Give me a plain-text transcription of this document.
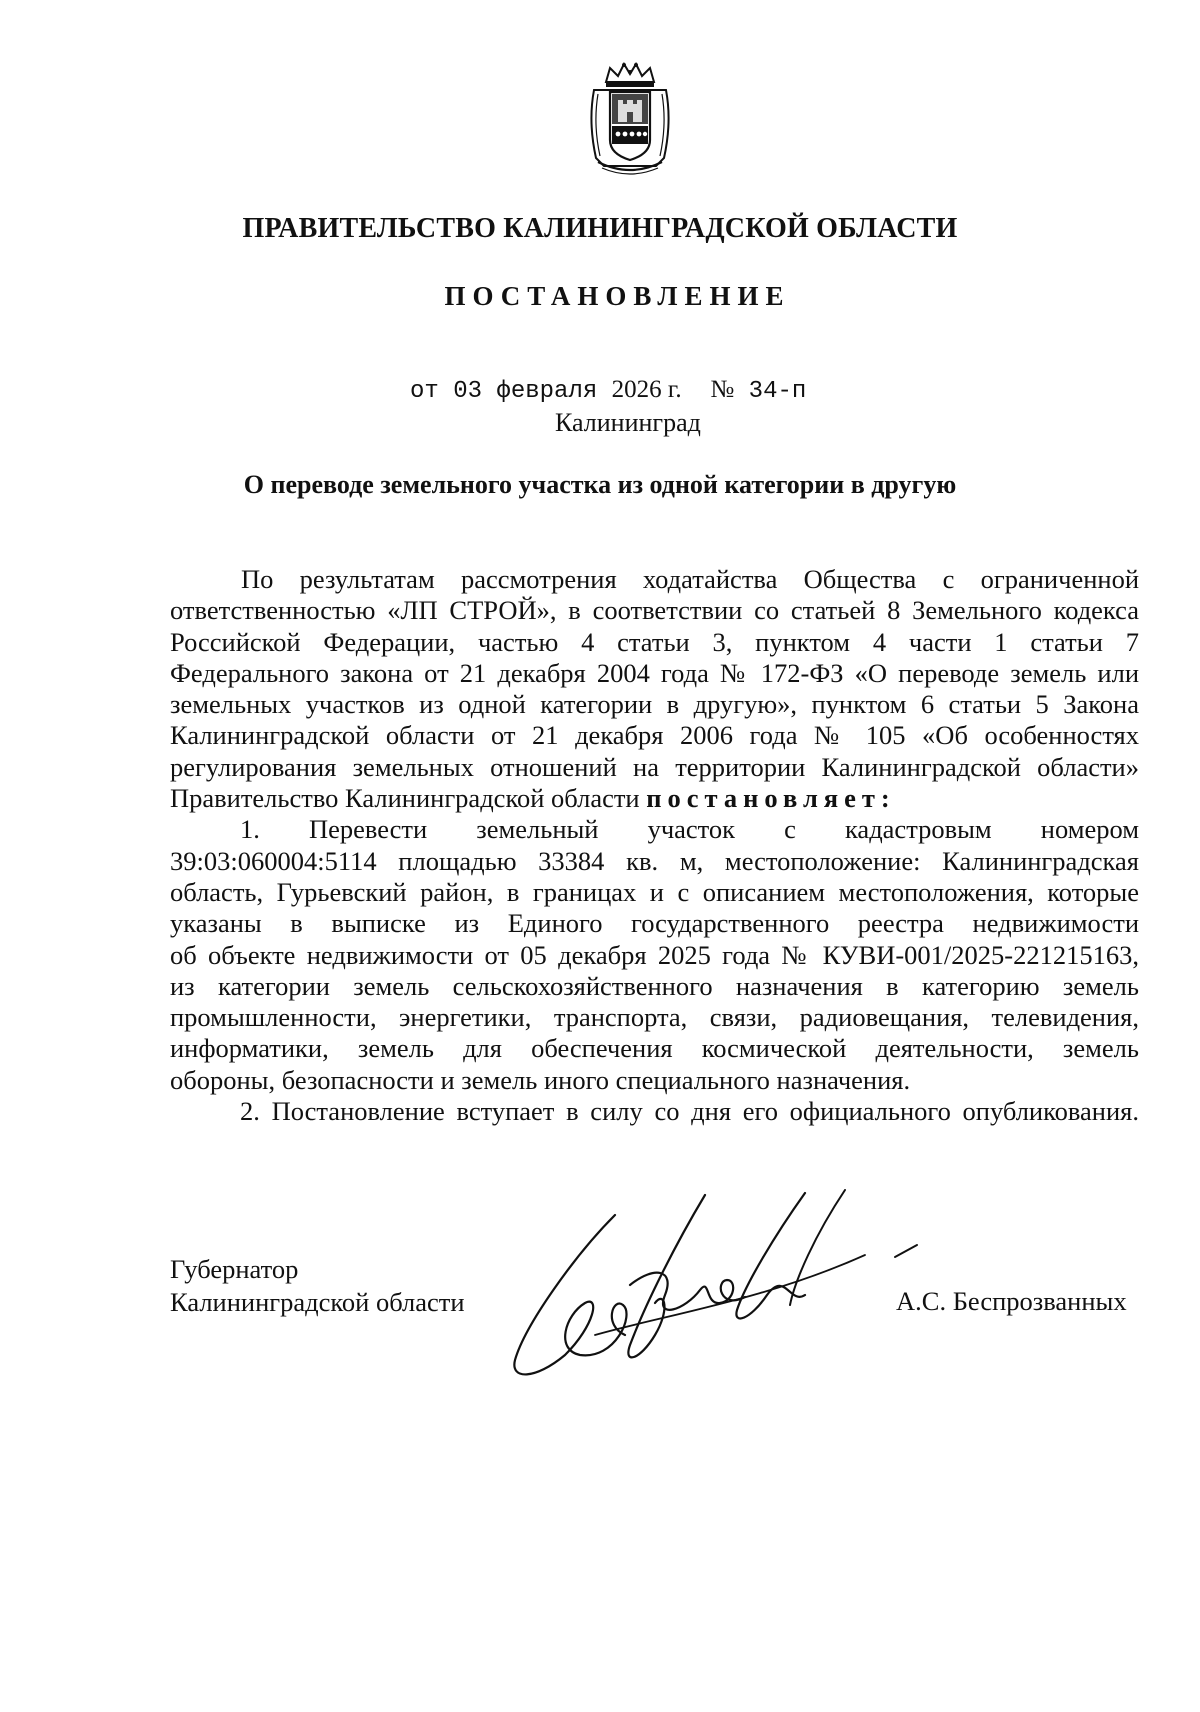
ПРАВИТЕЛЬСТВО КАЛИНИНГРАДСКОЙ ОБЛАСТИ
ПОСТАНОВЛЕНИЕ
от 03 февраля 2026 г. № 34-п
Калининград
О переводе земельного участка из одной категории в другую
По результатам рассмотрения ходатайства Общества с ограниченной
ответственностью «ЛП СТРОЙ», в соответствии со статьей 8 Земельного кодекса
Российской Федерации, частью 4 статьи 3, пунктом 4 части 1 статьи 7
Федерального закона от 21 декабря 2004 года № 172-ФЗ «О переводе земель или
земельных участков из одной категории в другую», пунктом 6 статьи 5 Закона
Калининградской области от 21 декабря 2006 года № 105 «Об особенностях
регулирования земельных отношений на территории Калининградской области»
Правительство Калининградской области постановляет:
1. Перевести земельный участок с кадастровым номером
39:03:060004:5114 площадью 33384 кв. м, местоположение: Калининградская
область, Гурьевский район, в границах и с описанием местоположения, которые
указаны в выписке из Единого государственного реестра недвижимости
об объекте недвижимости от 05 декабря 2025 года № КУВИ-001/2025-221215163,
из категории земель сельскохозяйственного назначения в категорию земель
промышленности, энергетики, транспорта, связи, радиовещания, телевидения,
информатики, земель для обеспечения космической деятельности, земель
обороны, безопасности и земель иного специального назначения.
2. Постановление вступает в силу со дня его официального опубликования.
Губернатор
Калининградской области	А.С. Беспрозванных
